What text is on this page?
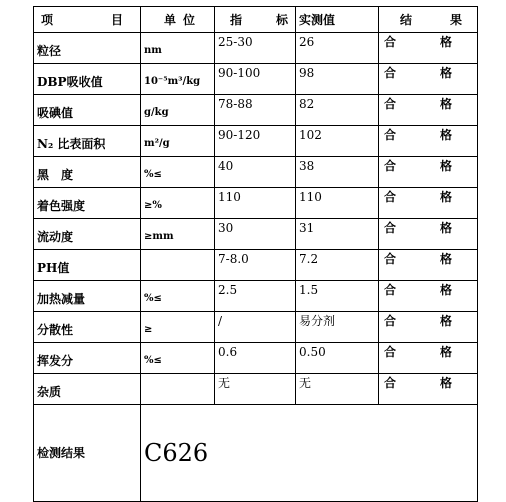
项 目	单 位	指 标	实测值	结 果

粒径	nm	25-30	26	合 格

DBP吸收值	10⁻⁵m³/kg	90-100	98	合 格

吸碘值	g/kg	78-88	82	合 格

N₂ 比表面积	m²/g	90-120	102	合 格

黑　度	%≤	40	38	合 格

着色强度	≥%	110	110	合 格

流动度	≥mm	30	31	合 格

PH值		7-8.0	7.2	合 格

加热减量	%≤	2.5	1.5	合 格

分散性	≥	/	易分剂	合 格

挥发分	%≤	0.6	0.50	合 格

杂质		无	无	合 格

检测结果	C626			
